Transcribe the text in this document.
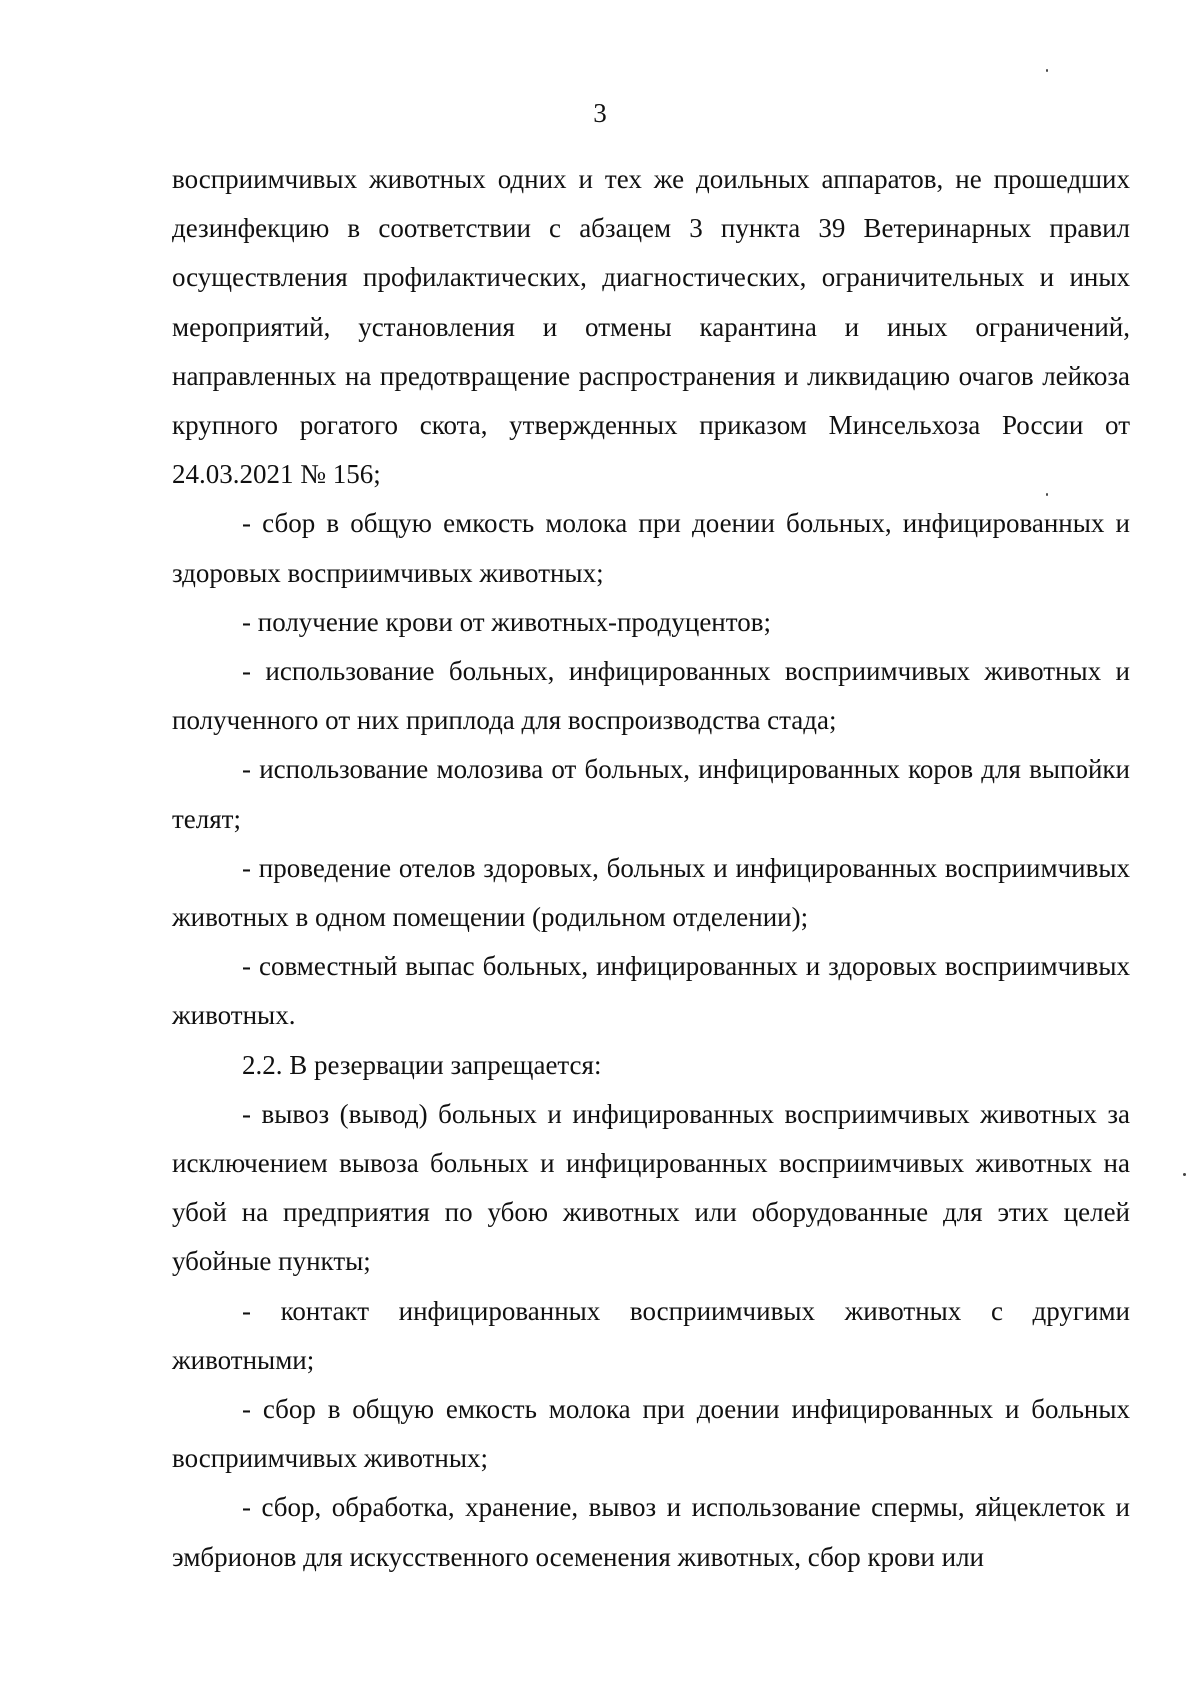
3

восприимчивых животных одних и тех же доильных аппаратов, не прошедших дезинфекцию в соответствии с абзацем 3 пункта 39 Ветеринарных правил осуществления профилактических, диагностических, ограничительных и иных мероприятий, установления и отмены карантина и иных ограничений, направленных на предотвращение распространения и ликвидацию очагов лейкоза крупного рогатого скота, утвержденных приказом Минсельхоза России от 24.03.2021 № 156;

- сбор в общую емкость молока при доении больных, инфицированных и здоровых восприимчивых животных;

- получение крови от животных-продуцентов;

- использование больных, инфицированных восприимчивых животных и полученного от них приплода для воспроизводства стада;

- использование молозива от больных, инфицированных коров для выпойки телят;

- проведение отелов здоровых, больных и инфицированных восприимчивых животных в одном помещении (родильном отделении);

- совместный выпас больных, инфицированных и здоровых восприимчивых животных.

2.2. В резервации запрещается:

- вывоз (вывод) больных и инфицированных восприимчивых животных за исключением вывоза больных и инфицированных восприимчивых животных на убой на предприятия по убою животных или оборудованные для этих целей убойные пункты;

- контакт инфицированных восприимчивых животных с другими животными;

- сбор в общую емкость молока при доении инфицированных и больных восприимчивых животных;

- сбор, обработка, хранение, вывоз и использование спермы, яйцеклеток и эмбрионов для искусственного осеменения животных, сбор крови или
